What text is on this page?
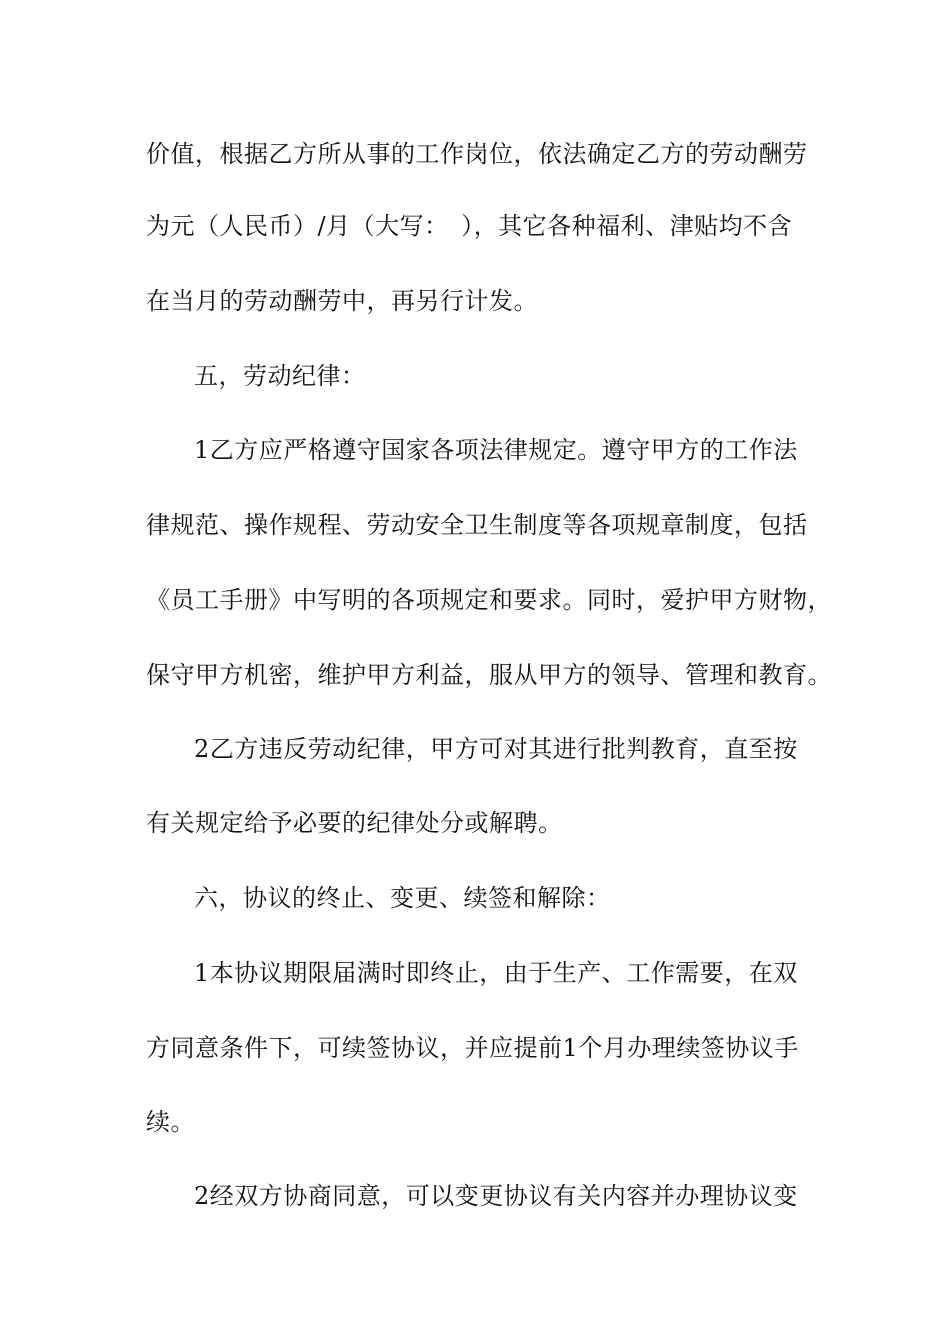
价值，根据乙方所从事的工作岗位，依法确定乙方的劳动酬劳
为元（人民币）/月（大写：　），其它各种福利、津贴均不含
在当月的劳动酬劳中，再另行计发。
五，劳动纪律：
1乙方应严格遵守国家各项法律规定。遵守甲方的工作法
律规范、操作规程、劳动安全卫生制度等各项规章制度，包括
《员工手册》中写明的各项规定和要求。同时，爱护甲方财物，
保守甲方机密，维护甲方利益，服从甲方的领导、管理和教育。
2乙方违反劳动纪律，甲方可对其进行批判教育，直至按
有关规定给予必要的纪律处分或解聘。
六，协议的终止、变更、续签和解除：
1本协议期限届满时即终止，由于生产、工作需要，在双
方同意条件下，可续签协议，并应提前1个月办理续签协议手
续。
2经双方协商同意，可以变更协议有关内容并办理协议变
